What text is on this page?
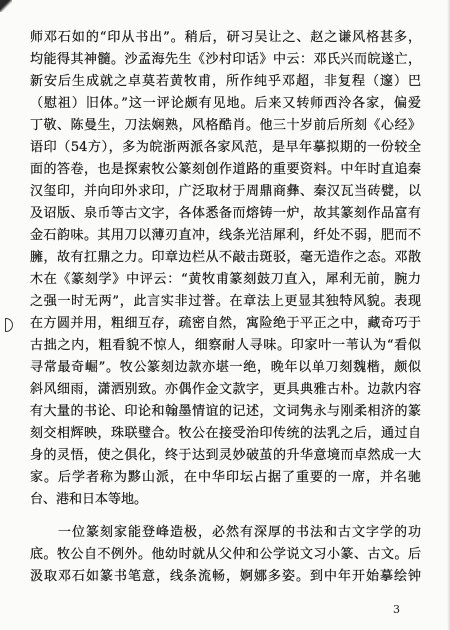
师邓石如的“印从书出”。稍后，研习吴让之、赵之谦风格甚多，
均能得其神髓。沙孟海先生《沙村印话》中云：邓氏兴而皖遂亡，
新安后生成就之卓莫若黄牧甫，所作纯乎邓超，非复程（邃）巴
（慰祖）旧体。”这一评论颇有见地。后来又转师西泠各家，偏爱
丁敬、陈曼生，刀法娴熟，风格酷肖。他三十岁前后所刻《心经》
语印（54方），多为皖浙两派各家风范，是早年摹拟期的一份较全
面的答卷，也是探索牧公篆刻创作道路的重要资料。中年时直追秦
汉玺印，并向印外求印，广泛取材于周鼎商彝、秦汉瓦当砖甓，以
及诏版、泉币等古文字，各体悉备而熔铸一炉，故其篆刻作品富有
金石韵味。其用刀以薄刃直冲，线条光洁犀利，纤处不弱，肥而不
臃，故有扛鼎之力。印章边栏从不敲击斑驳，毫无造作之态。邓散
木在《篆刻学》中评云：“黄牧甫篆刻鼓刀直入，犀利无前，腕力
之强一时无两”，此言实非过誉。在章法上更显其独特风貌。表现
在方圆并用，粗细互存，疏密自然，寓险绝于平正之中，藏奇巧于
古拙之内，粗看貌不惊人，细察耐人寻味。印家叶一苇认为“看似
寻常最奇崛”。牧公篆刻边款亦堪一绝，晚年以单刀刻魏楷，颇似
斜风细雨，潇洒别致。亦偶作金文款字，更具典雅古朴。边款内容
有大量的书论、印论和翰墨情谊的记述，文词隽永与刚柔相济的篆
刻交相辉映，珠联璧合。牧公在接受治印传统的法乳之后，通过自
身的灵悟，使之俱化，终于达到灵妙破茧的升华意境而卓然成一大
家。后学者称为黟山派，在中华印坛占据了重要的一席，并名驰
台、港和日本等地。
一位篆刻家能登峰造极，必然有深厚的书法和古文字学的功
底。牧公自不例外。他幼时就从父仲和公学说文习小篆、古文。后
汲取邓石如篆书笔意，线条流畅，婀娜多姿。到中年开始摹绘钟
3
